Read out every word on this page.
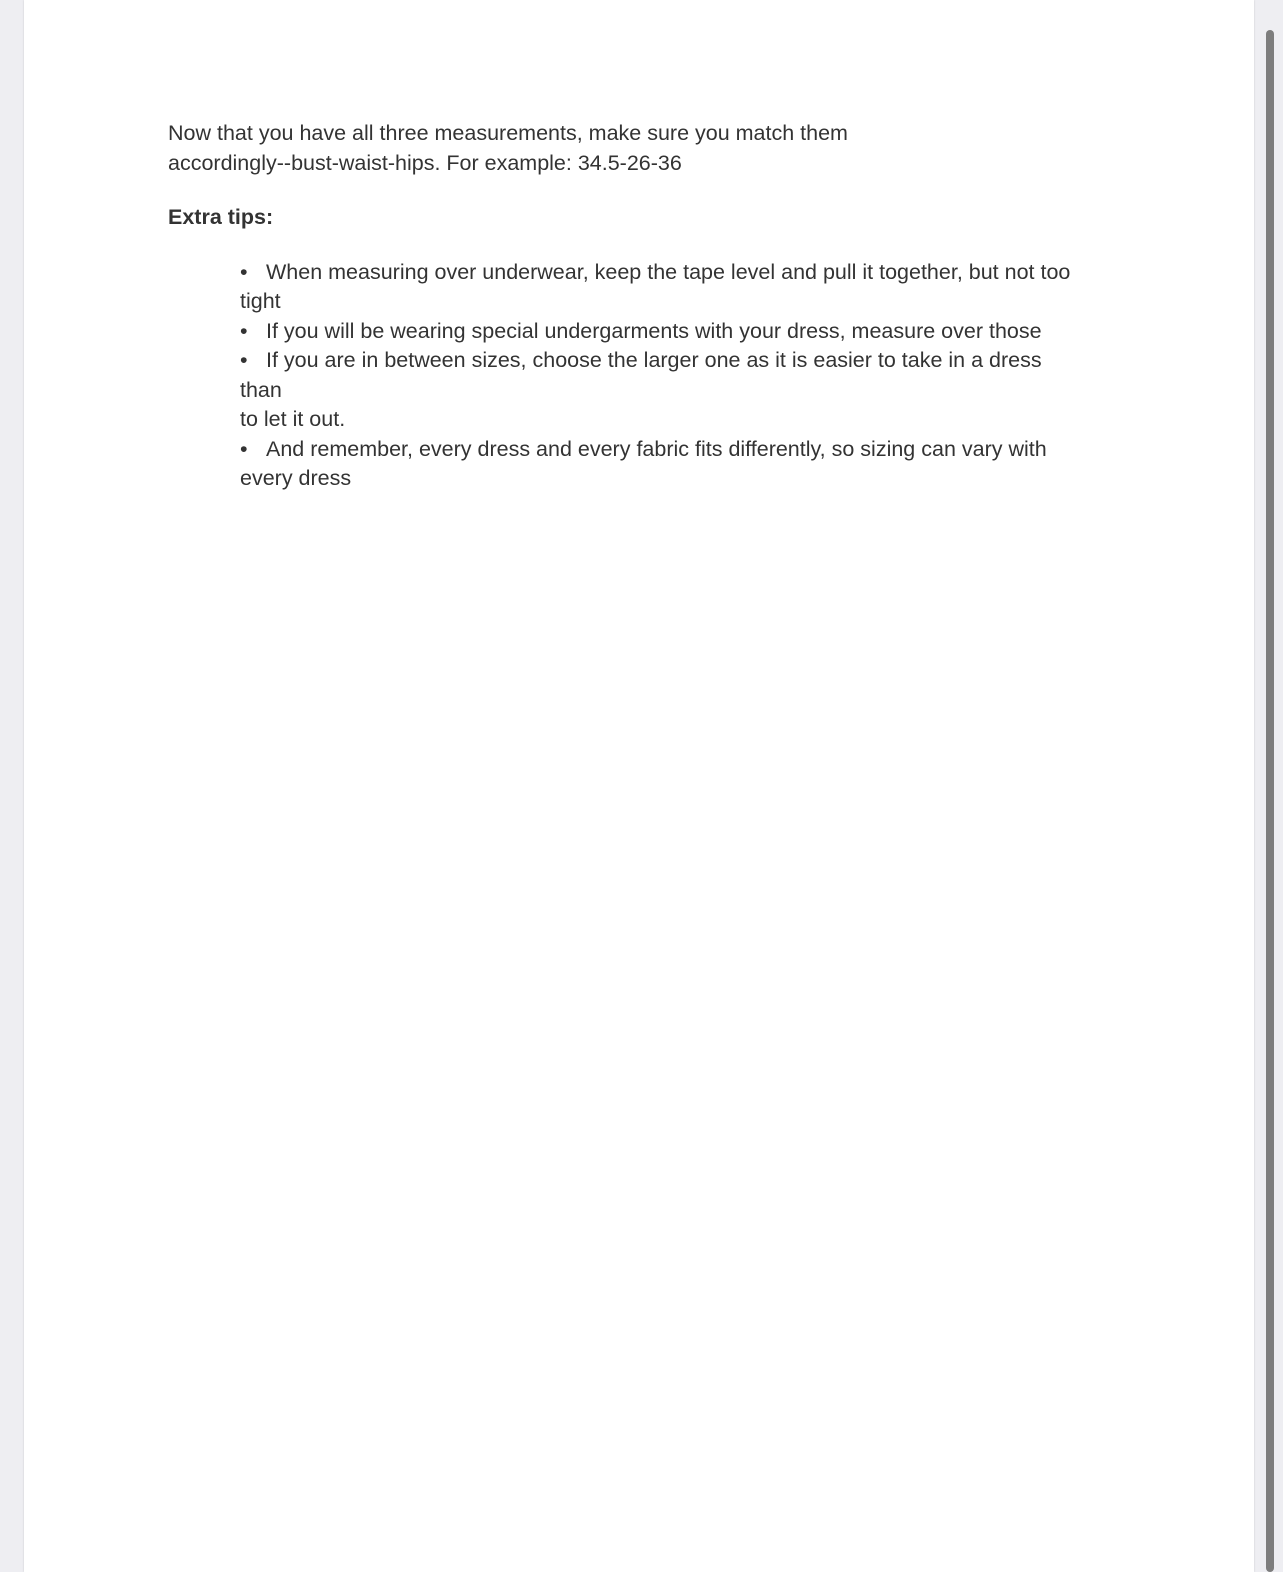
Now that you have all three measurements, make sure you match them
accordingly--bust-waist-hips. For example: 34.5-26-36

Extra tips:

• When measuring over underwear, keep the tape level and pull it together, but not too
tight
• If you will be wearing special undergarments with your dress, measure over those
• If you are in between sizes, choose the larger one as it is easier to take in a dress
than
to let it out.
• And remember, every dress and every fabric fits differently, so sizing can vary with
every dress
